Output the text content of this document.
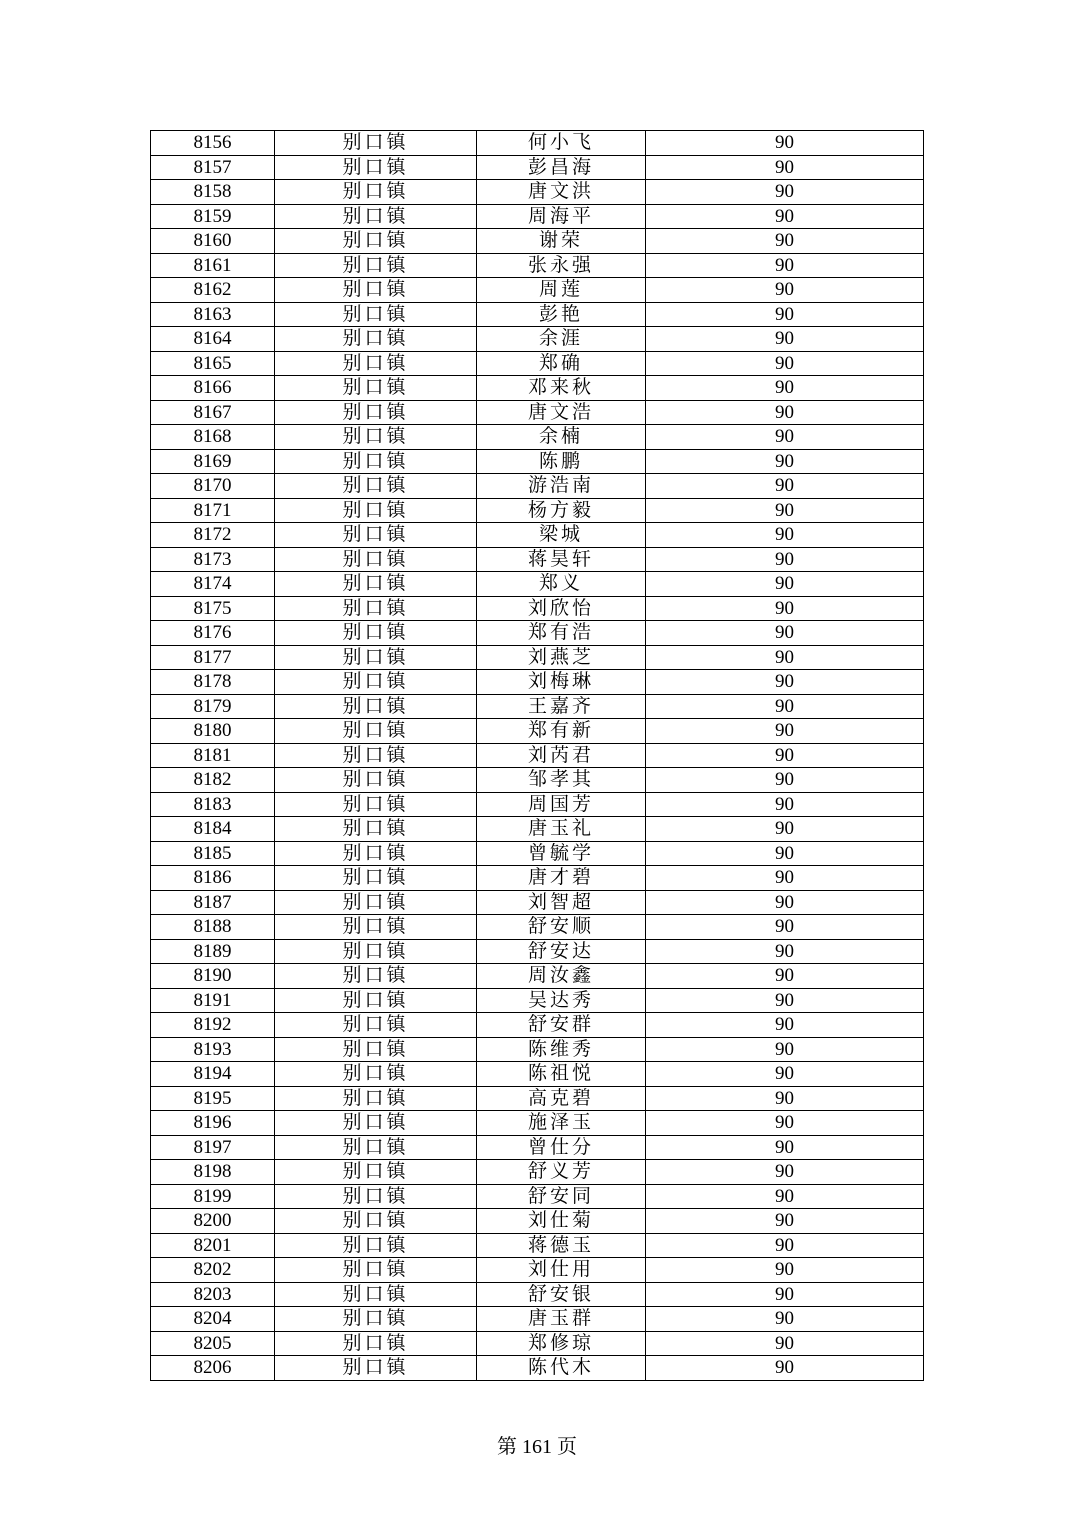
8156	别口镇	何小飞	90
8157	别口镇	彭昌海	90
8158	别口镇	唐文洪	90
8159	别口镇	周海平	90
8160	别口镇	谢荣	90
8161	别口镇	张永强	90
8162	别口镇	周莲	90
8163	别口镇	彭艳	90
8164	别口镇	余涯	90
8165	别口镇	郑确	90
8166	别口镇	邓来秋	90
8167	别口镇	唐文浩	90
8168	别口镇	余楠	90
8169	别口镇	陈鹏	90
8170	别口镇	游浩南	90
8171	别口镇	杨方毅	90
8172	别口镇	梁城	90
8173	别口镇	蒋昊轩	90
8174	别口镇	郑义	90
8175	别口镇	刘欣怡	90
8176	别口镇	郑有浩	90
8177	别口镇	刘燕芝	90
8178	别口镇	刘梅琳	90
8179	别口镇	王嘉齐	90
8180	别口镇	郑有新	90
8181	别口镇	刘芮君	90
8182	别口镇	邹孝其	90
8183	别口镇	周国芳	90
8184	别口镇	唐玉礼	90
8185	别口镇	曾毓学	90
8186	别口镇	唐才碧	90
8187	别口镇	刘智超	90
8188	别口镇	舒安顺	90
8189	别口镇	舒安达	90
8190	别口镇	周汝鑫	90
8191	别口镇	吴达秀	90
8192	别口镇	舒安群	90
8193	别口镇	陈维秀	90
8194	别口镇	陈祖悦	90
8195	别口镇	高克碧	90
8196	别口镇	施泽玉	90
8197	别口镇	曾仕分	90
8198	别口镇	舒义芳	90
8199	别口镇	舒安同	90
8200	别口镇	刘仕菊	90
8201	别口镇	蒋德玉	90
8202	别口镇	刘仕用	90
8203	别口镇	舒安银	90
8204	别口镇	唐玉群	90
8205	别口镇	郑修琼	90
8206	别口镇	陈代木	90
第 161 页
